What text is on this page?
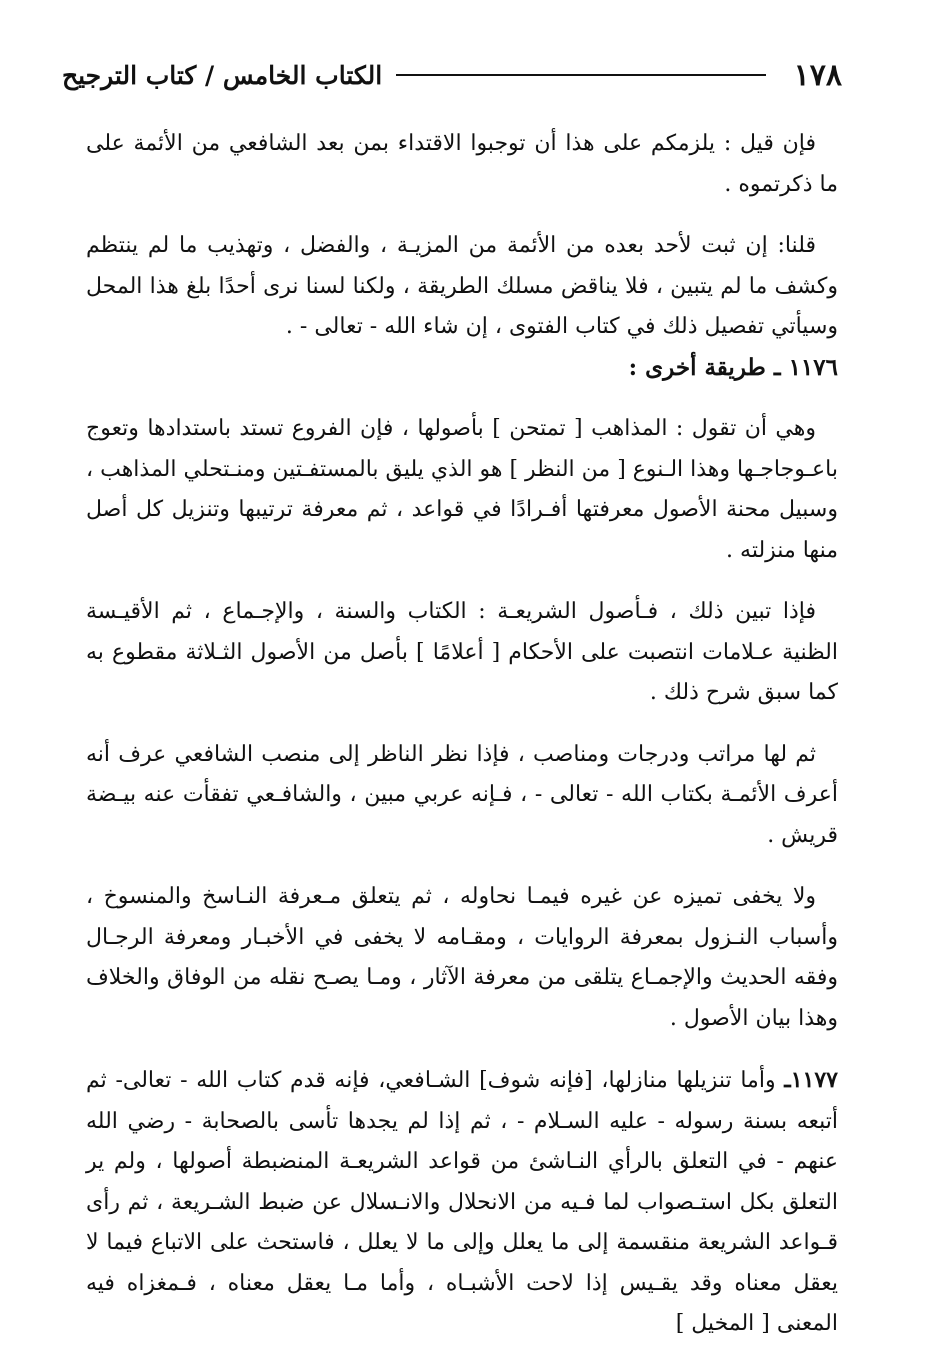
١٧٨
الكتاب الخامس / كتاب الترجيح

فإن قيل : يلزمكم على هذا أن توجبوا الاقتداء بمن بعد الشافعي من الأئمة على ما ذكرتموه .

قلنا: إن ثبت لأحد بعده من الأئمة من المزيـة ، والفضل ، وتهذيب ما لم ينتظم وكشف ما لم يتبين ، فلا يناقض مسلك الطريقة ، ولكنا لسنا نرى أحدًا بلغ هذا المحل وسيأتي تفصيل ذلك في كتاب الفتوى ، إن شاء الله - تعالى - .

١١٧٦ ـ طريقة أخرى :

وهي أن تقول : المذاهب [ تمتحن ] بأصولها ، فإن الفروع تستد باستدادها وتعوج باعـوجاجـها وهذا الـنوع [ من النظر ] هو الذي يليق بالمستفـتين ومنـتحلي المذاهب ، وسبيل محنة الأصول معرفتها أفـرادًا في قواعد ، ثم معرفة ترتيبها وتنزيل كل أصل منها منزلته .

فإذا تبين ذلك ، فـأصول الشريعـة : الكتاب والسنة ، والإجـماع ، ثم الأقيـسة الظنية عـلامات انتصبت على الأحكام [ أعلامًا ] بأصل من الأصول الثـلاثة مقطوع به كما سبق شرح ذلك .

ثم لها مراتب ودرجات ومناصب ، فإذا نظر الناظر إلى منصب الشافعي عرف أنه أعرف الأئمـة بكتاب الله - تعالى - ، فـإنه عربي مبين ، والشافـعي تفقأت عنه بيـضة قريش .

ولا يخفى تميزه عن غيره فيمـا نحاوله ، ثم يتعلق مـعرفة النـاسخ والمنسوخ ، وأسباب النـزول بمعرفة الروايات ، ومقـامه لا يخفى في الأخبـار ومعرفة الرجـال وفقه الحديث والإجمـاع يتلقى من معرفة الآثار ، ومـا يصـح نقله من الوفاق والخلاف وهذا بيان الأصول .

١١٧٧ـ وأما تنزيلها منازلها، [فإنه شوف] الشـافعي، فإنه قدم كتاب الله - تعالى- ثم أتبعه بسنة رسوله - عليه السـلام - ، ثم إذا لم يجدها تأسى بالصحابة - رضي الله عنهم - في التعلق بالرأي النـاشئ من قواعد الشريعـة المنضبطة أصولها ، ولم ير التعلق بكل استـصواب لما فـيه من الانحلال والانـسلال عن ضبط الشـريعة ، ثم رأى قـواعد الشريعة منقسمة إلى ما يعلل وإلى ما لا يعلل ، فاستحث على الاتباع فيما لا يعقل معناه وقد يقـيس إذا لاحت الأشبـاه ، وأما مـا يعقل معناه ، فـمغزاه فيه المعنى [ المخيل ]
